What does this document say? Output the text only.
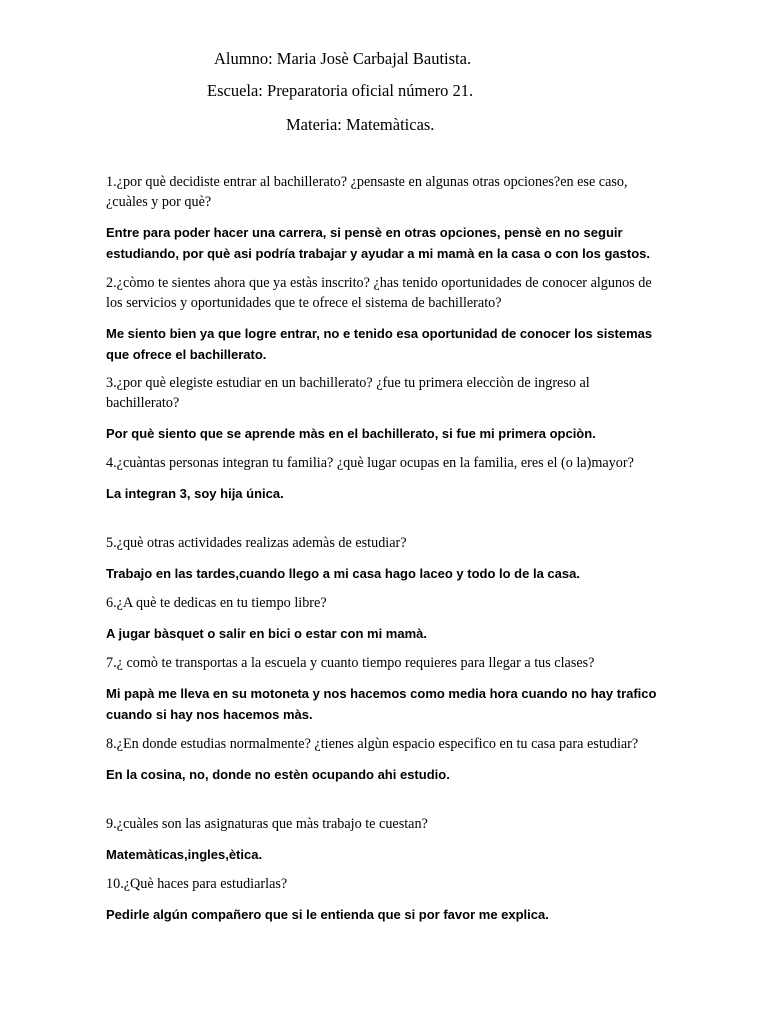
Alumno: Maria Josè Carbajal Bautista.
Escuela: Preparatoria oficial número 21.
Materia: Matemàticas.

1.¿por què decidiste entrar al bachillerato? ¿pensaste en algunas otras opciones?en ese caso, ¿cuàles y por què?

Entre para poder hacer una carrera, si pensè en otras opciones, pensè en no seguir estudiando, por què asi podría trabajar y ayudar a mi mamà en la casa o con los gastos.

2.¿còmo te sientes ahora que ya estàs inscrito? ¿has tenido oportunidades de conocer algunos de los servicios y oportunidades que te ofrece el sistema de bachillerato?

Me siento bien ya que logre entrar, no e tenido esa oportunidad de conocer los sistemas que ofrece el bachillerato.

3.¿por què elegiste estudiar en un bachillerato? ¿fue tu primera elecciòn de ingreso al bachillerato?

Por què siento que se aprende màs en el bachillerato, si fue mi primera opciòn.

4.¿cuàntas personas integran tu familia? ¿què lugar ocupas en la familia, eres el (o la)mayor?

La integran 3, soy hija única.

5.¿què otras actividades realizas ademàs de estudiar?

Trabajo en las tardes,cuando llego a mi casa hago laceo y todo lo de la casa.

6.¿A què te dedicas en tu tiempo libre?

A jugar bàsquet o salir en bici o estar con mi mamà.

7.¿ comò te transportas a la escuela y cuanto tiempo requieres para llegar a tus clases?

Mi papà me lleva en su motoneta y nos hacemos como media hora cuando no hay trafico cuando si hay nos hacemos màs.

8.¿En donde estudias normalmente? ¿tienes algùn espacio especifico en tu casa para estudiar?

En la cosina, no, donde no estèn ocupando ahi estudio.

9.¿cuàles son las asignaturas que màs trabajo te cuestan?

Matemàticas,ingles,ètica.

10.¿Què haces para estudiarlas?

Pedirle algún compañero que si le entienda que si por favor me explica.
